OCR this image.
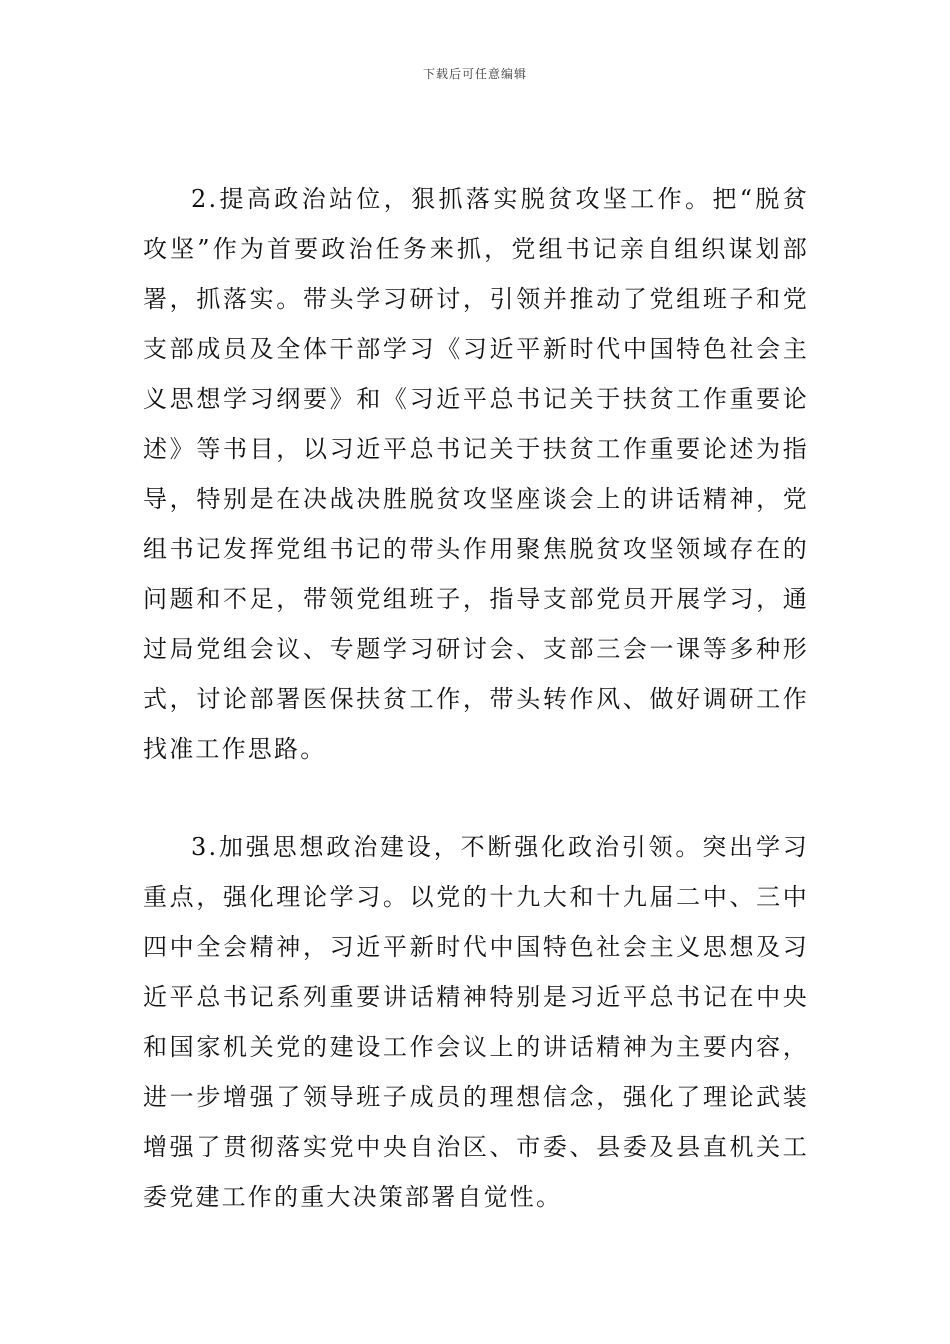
下载后可任意编辑

2.提高政治站位，狠抓落实脱贫攻坚工作。把“脱贫攻坚”作为首要政治任务来抓，党组书记亲自组织谋划部署，抓落实。带头学习研讨，引领并推动了党组班子和党支部成员及全体干部学习《习近平新时代中国特色社会主义思想学习纲要》和《习近平总书记关于扶贫工作重要论述》等书目，以习近平总书记关于扶贫工作重要论述为指导，特别是在决战决胜脱贫攻坚座谈会上的讲话精神，党组书记发挥党组书记的带头作用聚焦脱贫攻坚领域存在的问题和不足，带领党组班子，指导支部党员开展学习，通过局党组会议、专题学习研讨会、支部三会一课等多种形式，讨论部署医保扶贫工作，带头转作风、做好调研工作找准工作思路。

3.加强思想政治建设，不断强化政治引领。突出学习重点，强化理论学习。以党的十九大和十九届二中、三中四中全会精神，习近平新时代中国特色社会主义思想及习近平总书记系列重要讲话精神特别是习近平总书记在中央和国家机关党的建设工作会议上的讲话精神为主要内容，进一步增强了领导班子成员的理想信念，强化了理论武装增强了贯彻落实党中央自治区、市委、县委及县直机关工委党建工作的重大决策部署自觉性。
